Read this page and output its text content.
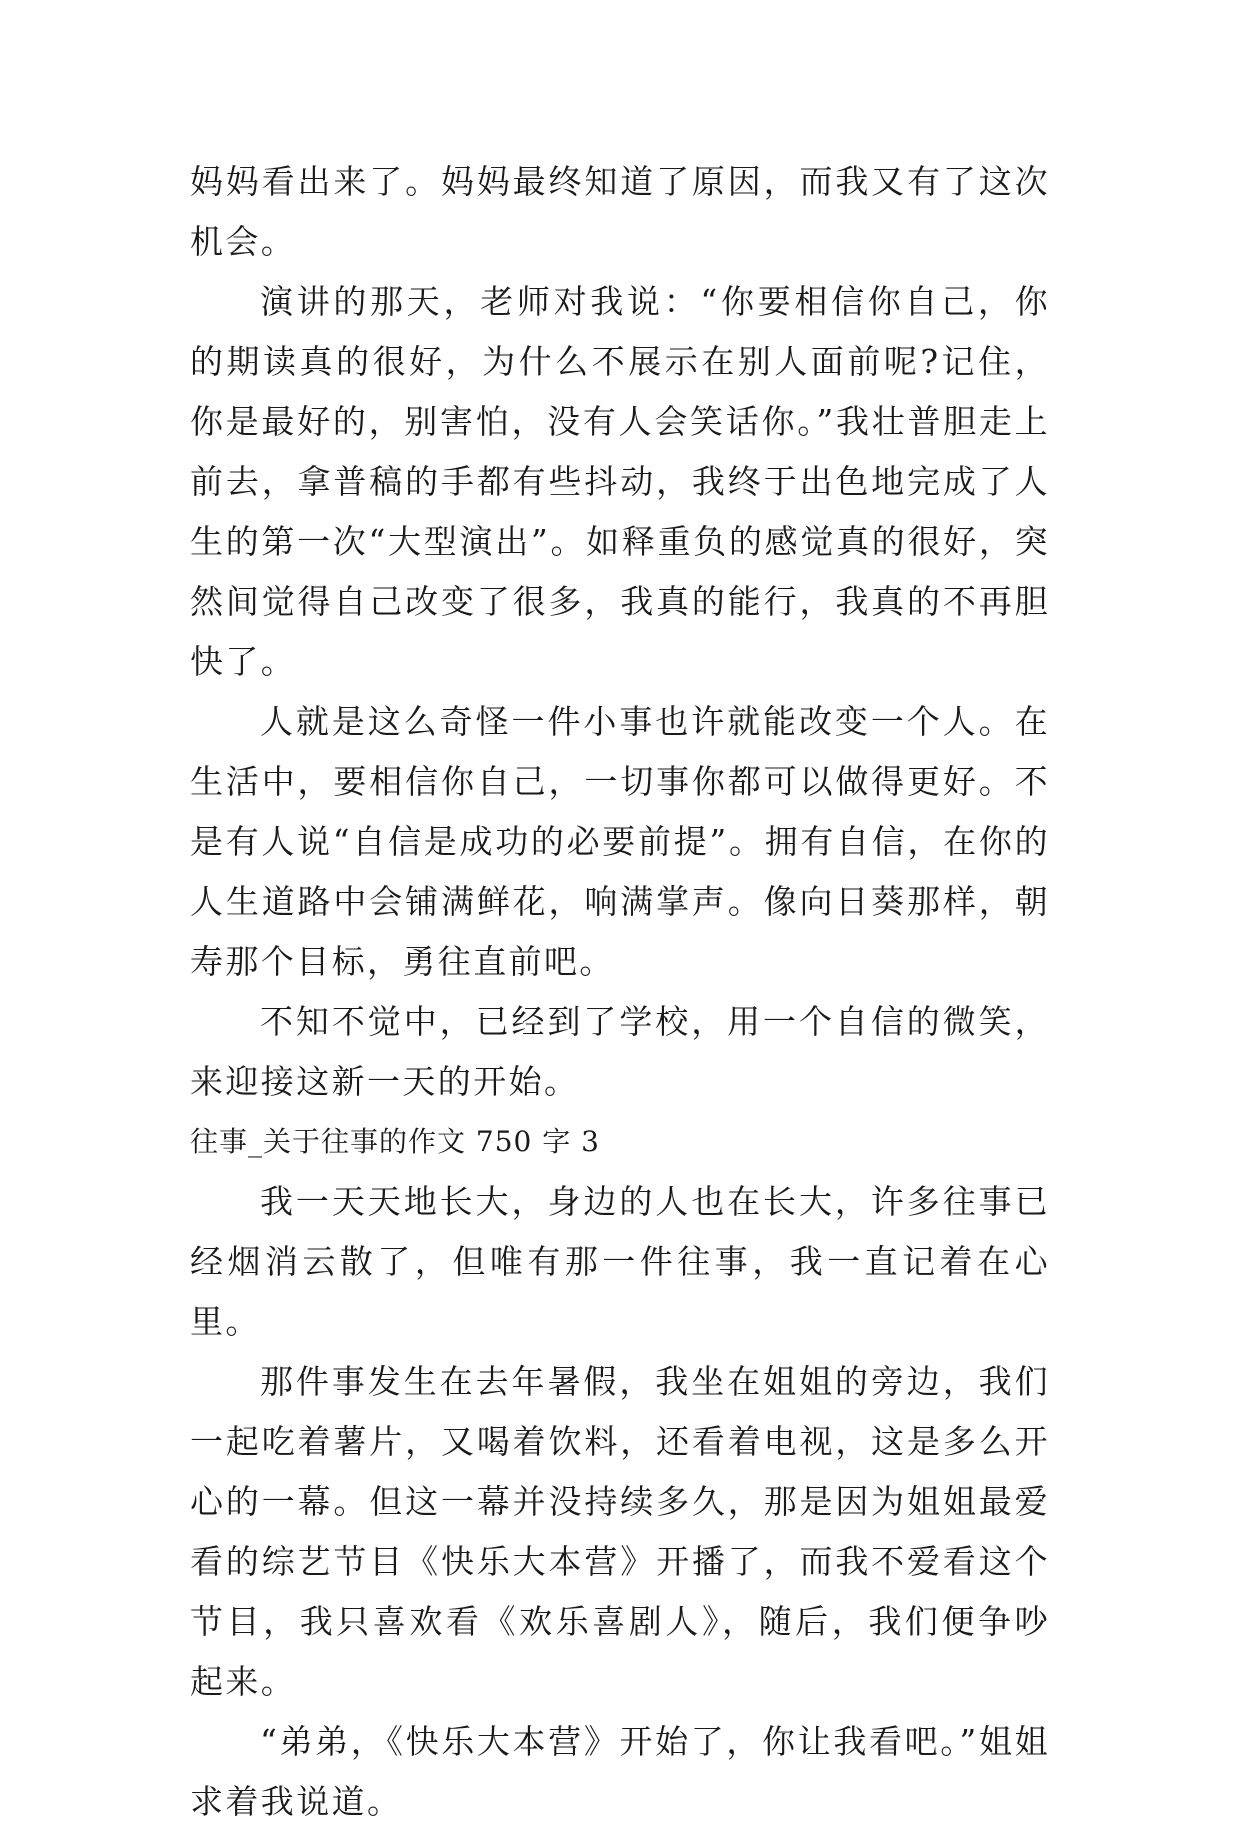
妈妈看出来了。妈妈最终知道了原因，而我又有了这次机会。

演讲的那天，老师对我说：“你要相信你自己，你的期读真的很好，为什么不展示在别人面前呢?记住，你是最好的，别害怕，没有人会笑话你。”我壮普胆走上前去，拿普稿的手都有些抖动，我终于出色地完成了人生的第一次“大型演出”。如释重负的感觉真的很好，突然间觉得自己改变了很多，我真的能行，我真的不再胆快了。

人就是这么奇怪一件小事也许就能改变一个人。在生活中，要相信你自己，一切事你都可以做得更好。不是有人说“自信是成功的必要前提”。拥有自信，在你的人生道路中会铺满鲜花，响满掌声。像向日葵那样，朝寿那个目标，勇往直前吧。

不知不觉中，已经到了学校，用一个自信的微笑，来迎接这新一天的开始。

往事_关于往事的作文 750 字 3

我一天天地长大，身边的人也在长大，许多往事已经烟消云散了，但唯有那一件往事，我一直记着在心里。

那件事发生在去年暑假，我坐在姐姐的旁边，我们一起吃着薯片，又喝着饮料，还看着电视，这是多么开心的一幕。但这一幕并没持续多久，那是因为姐姐最爱看的综艺节目《快乐大本营》开播了，而我不爱看这个节目，我只喜欢看《欢乐喜剧人》，随后，我们便争吵起来。

“弟弟，《快乐大本营》开始了，你让我看吧。”姐姐求着我说道。
